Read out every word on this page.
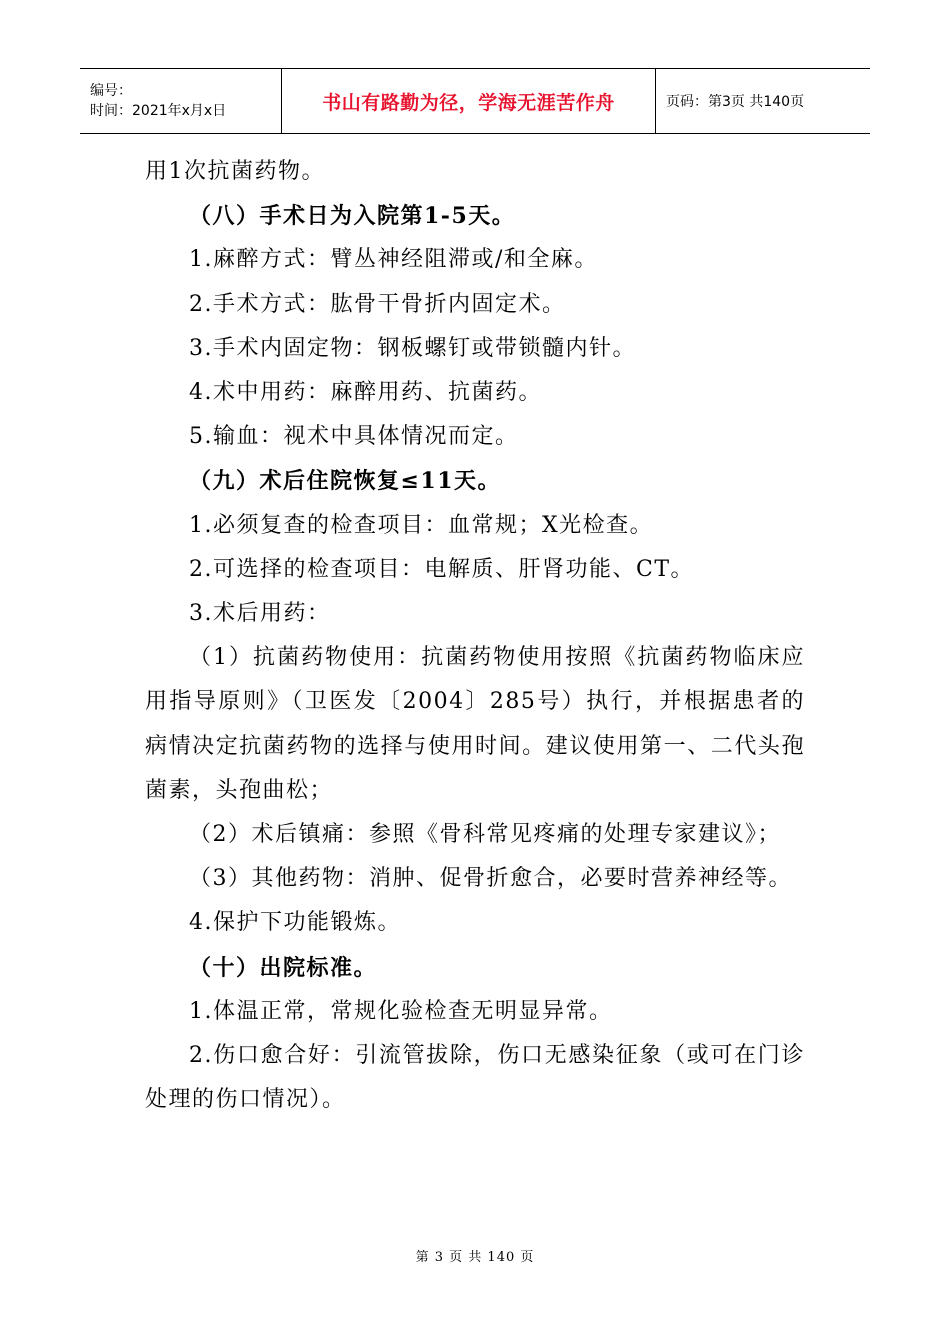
编号：
时间：2021年x月x日	书山有路勤为径，学海无涯苦作舟	页码：第3页 共140页

用1次抗菌药物。

（八）手术日为入院第1-5天。

1.麻醉方式：臂丛神经阻滞或/和全麻。

2.手术方式：肱骨干骨折内固定术。

3.手术内固定物：钢板螺钉或带锁髓内针。

4.术中用药：麻醉用药、抗菌药。

5.输血：视术中具体情况而定。

（九）术后住院恢复≤11天。

1.必须复查的检查项目：血常规；X光检查。

2.可选择的检查项目：电解质、肝肾功能、CT。

3.术后用药：

（1）抗菌药物使用：抗菌药物使用按照《抗菌药物临床应用指导原则》（卫医发〔2004〕285号）执行，并根据患者的病情决定抗菌药物的选择与使用时间。建议使用第一、二代头孢菌素，头孢曲松；

（2）术后镇痛：参照《骨科常见疼痛的处理专家建议》；

（3）其他药物：消肿、促骨折愈合，必要时营养神经等。

4.保护下功能锻炼。

（十）出院标准。

1.体温正常，常规化验检查无明显异常。

2.伤口愈合好：引流管拔除，伤口无感染征象（或可在门诊处理的伤口情况）。

第 3 页 共 140 页
